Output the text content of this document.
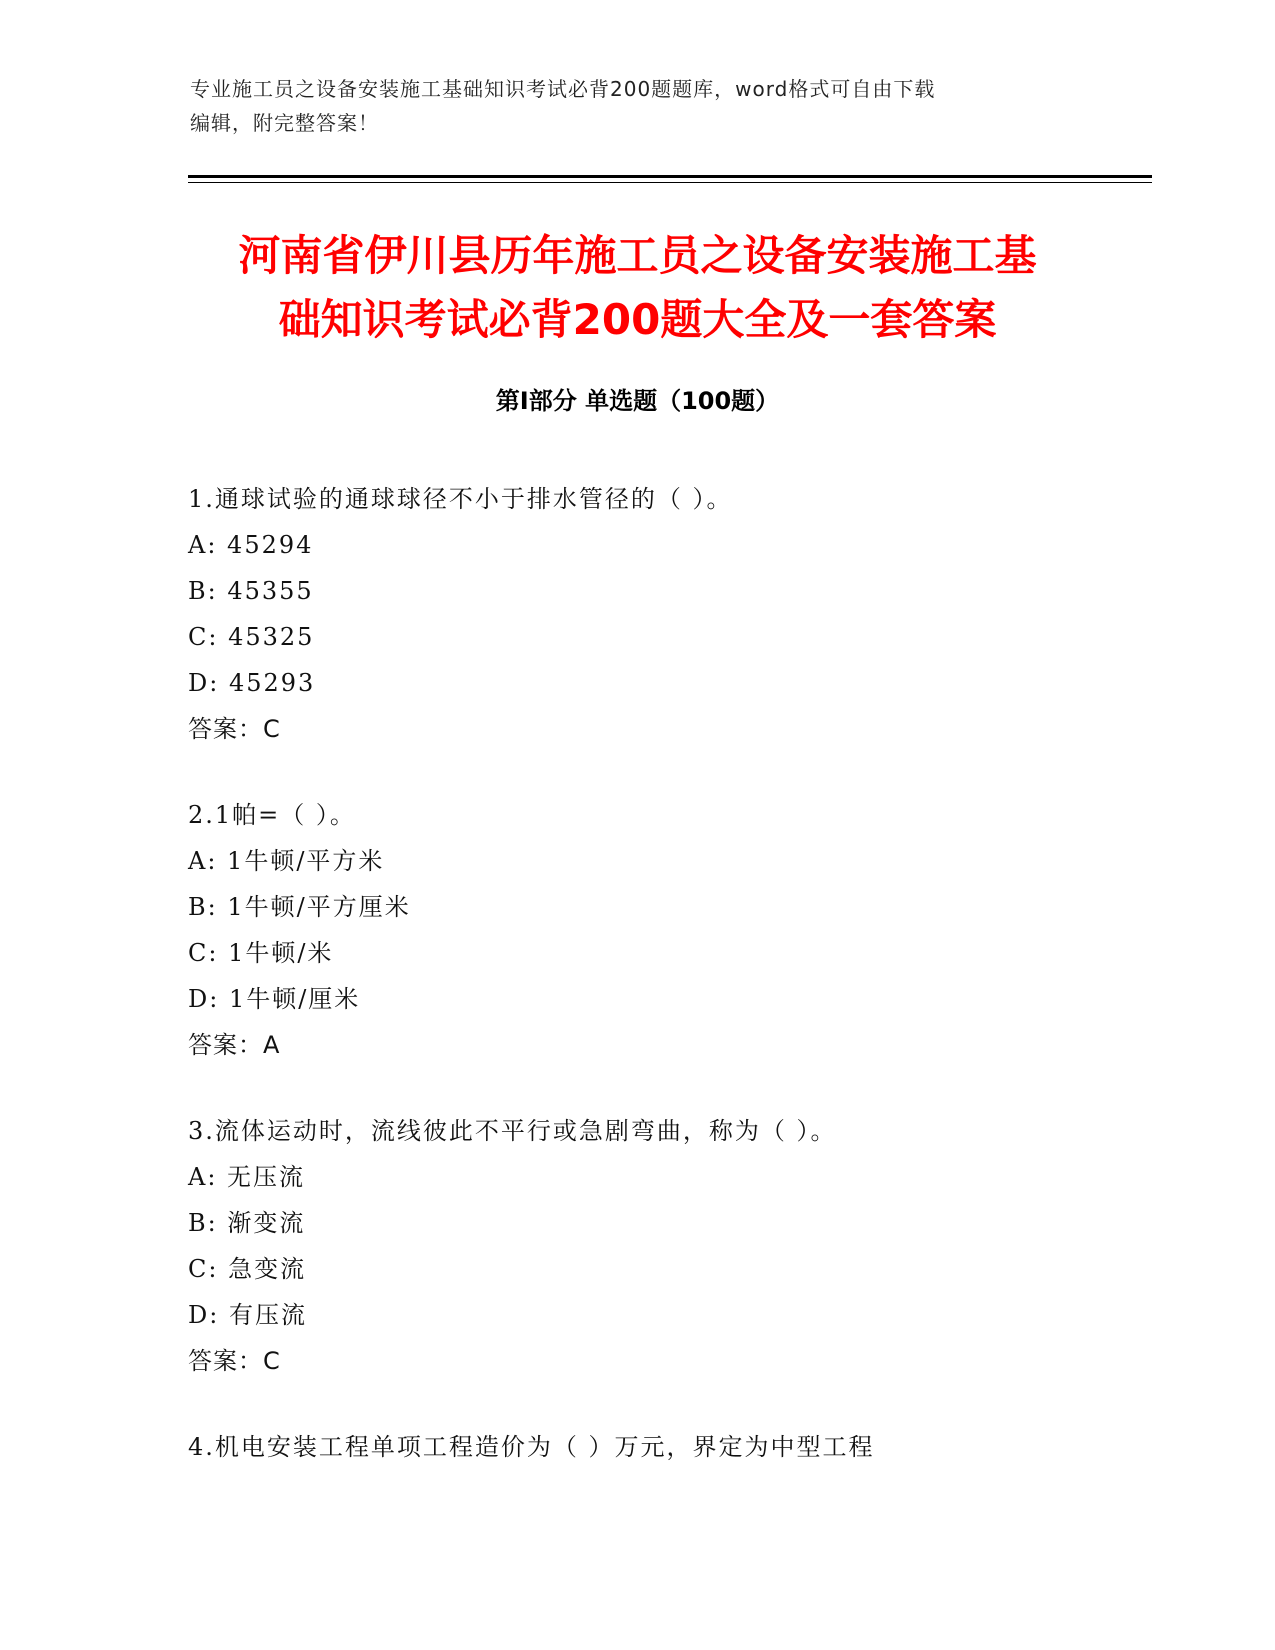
专业施工员之设备安装施工基础知识考试必背200题题库，word格式可自由下载
编辑，附完整答案！
河南省伊川县历年施工员之设备安装施工基
础知识考试必背200题大全及一套答案
第Ⅰ部分 单选题（100题）
1.通球试验的通球球径不小于排水管径的（ ）。
A: 45294
B: 45355
C: 45325
D: 45293
答案：C
2.1帕=（ ）。
A: 1牛顿/平方米
B: 1牛顿/平方厘米
C: 1牛顿/米
D: 1牛顿/厘米
答案：A
3.流体运动时，流线彼此不平行或急剧弯曲，称为（ ）。
A: 无压流
B: 渐变流
C: 急变流
D: 有压流
答案：C
4.机电安装工程单项工程造价为（ ）万元，界定为中型工程
